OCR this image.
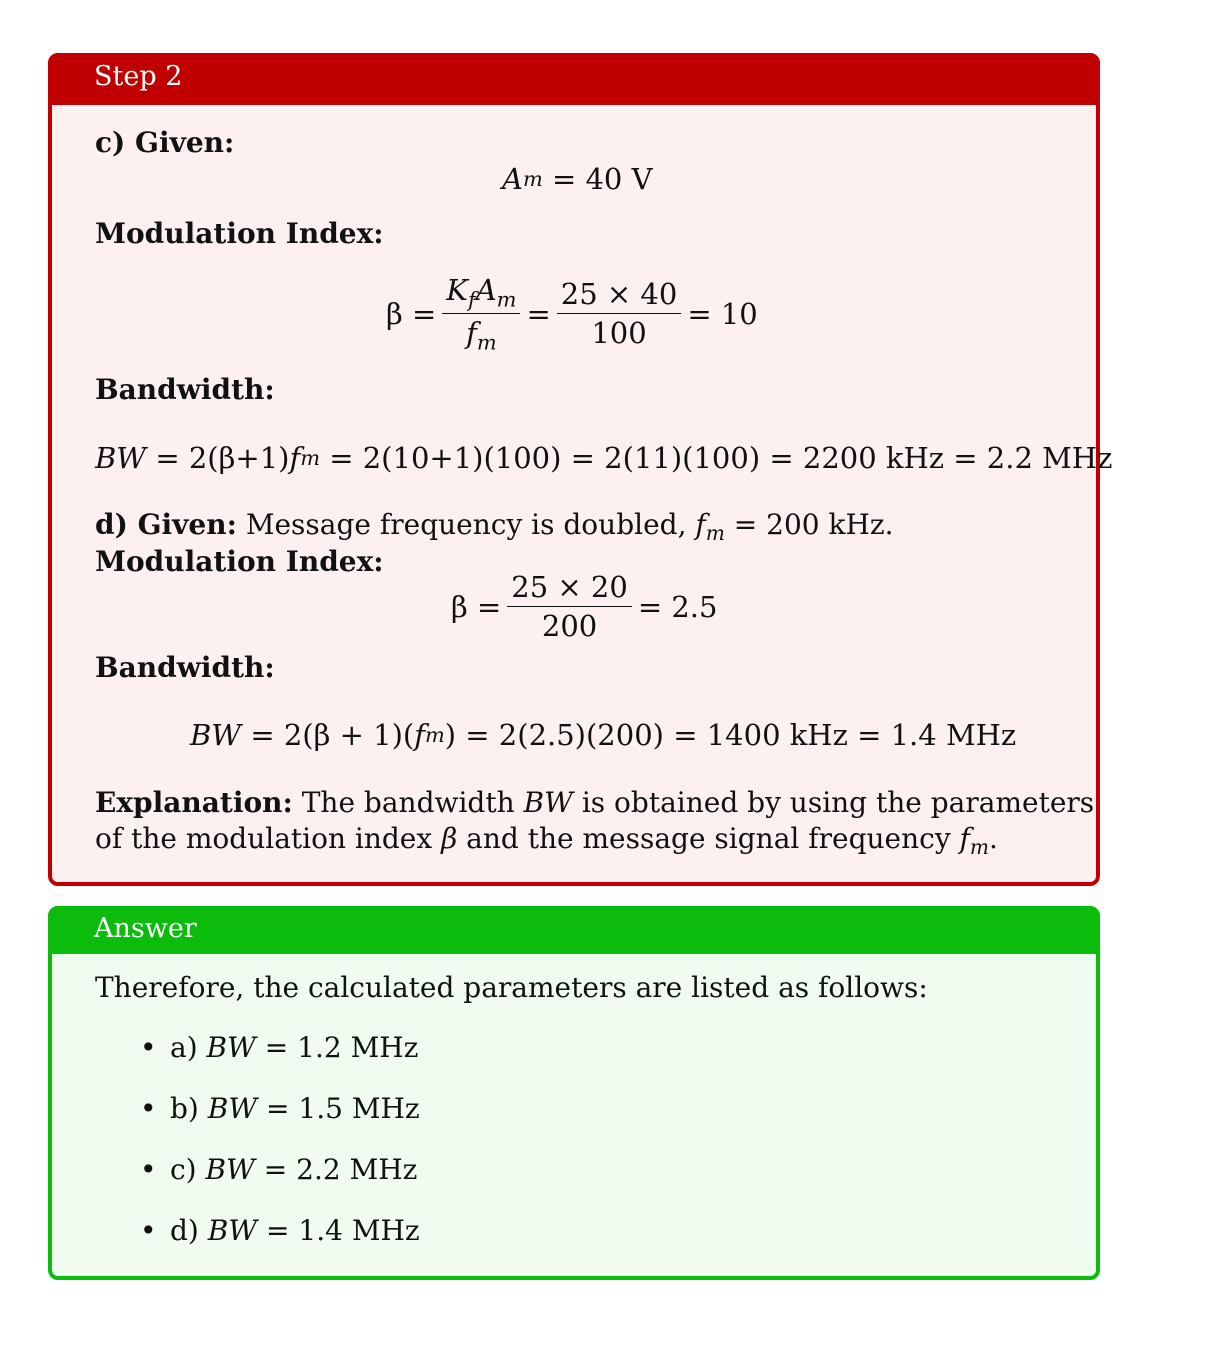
Step 2
c) Given:
A m
= 40 V
Modulation Index:
$\beta = \frac{K_fA_m}{f_m} = \frac{25 \times 40}{100} = 10$
Bandwidth:
BW = 2(β+1) f m = 2(10+1)(100) = 2(11)(100) = 2200 kHz = 2.2 MHz
d) Given: Message frequency is doubled, $f_m = 200$ kHz.
Modulation Index:
$\beta = \frac{25 \times 20}{200} = 2.5$
Bandwidth:
BW = 2(β + 1)( f m ) = 2(2.5)(200) = 1400 kHz = 1.4 MHz
Explanation: The bandwidth BW is obtained by using the parameters
of the modulation index β and the message signal frequency $f_m$.
Answer
Therefore, the calculated parameters are listed as follows:
• a) BW = 1.2 MHz
• b) BW = 1.5 MHz
• c) BW = 2.2 MHz
• d) BW = 1.4 MHz
